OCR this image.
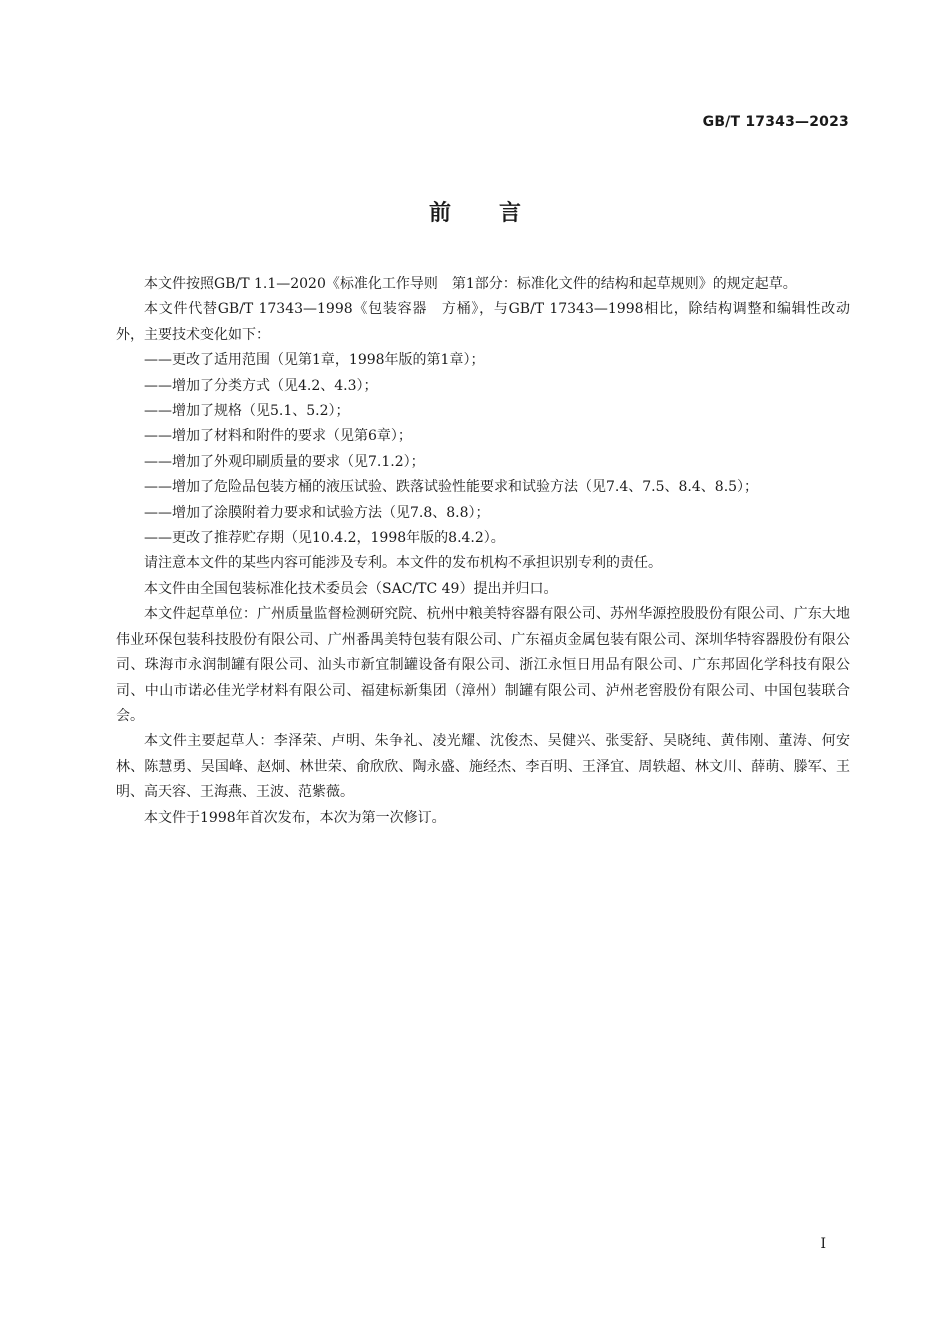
GB/T 17343—2023
前言

本文件按照GB/T 1.1—2020《标准化工作导则　第1部分：标准化文件的结构和起草规则》的规定起草。

本文件代替GB/T 17343—1998《包装容器　方桶》，与GB/T 17343—1998相比，除结构调整和编辑性改动外，主要技术变化如下：

——更改了适用范围（见第1章，1998年版的第1章）；
——增加了分类方式（见4.2、4.3）；
——增加了规格（见5.1、5.2）；
——增加了材料和附件的要求（见第6章）；
——增加了外观印刷质量的要求（见7.1.2）；
——增加了危险品包装方桶的液压试验、跌落试验性能要求和试验方法（见7.4、7.5、8.4、8.5）；
——增加了涂膜附着力要求和试验方法（见7.8、8.8）；
——更改了推荐贮存期（见10.4.2，1998年版的8.4.2）。

请注意本文件的某些内容可能涉及专利。本文件的发布机构不承担识别专利的责任。

本文件由全国包装标准化技术委员会（SAC/TC 49）提出并归口。

本文件起草单位：广州质量监督检测研究院、杭州中粮美特容器有限公司、苏州华源控股股份有限公司、广东大地伟业环保包装科技股份有限公司、广州番禺美特包装有限公司、广东福贞金属包装有限公司、深圳华特容器股份有限公司、珠海市永润制罐有限公司、汕头市新宜制罐设备有限公司、浙江永恒日用品有限公司、广东邦固化学科技有限公司、中山市诺必佳光学材料有限公司、福建标新集团（漳州）制罐有限公司、泸州老窖股份有限公司、中国包装联合会。

本文件主要起草人：李泽荣、卢明、朱争礼、凌光耀、沈俊杰、吴健兴、张雯舒、吴晓纯、黄伟刚、董涛、何安林、陈慧勇、吴国峰、赵炯、林世荣、俞欣欣、陶永盛、施经杰、李百明、王泽宜、周轶超、林文川、薛萌、滕军、王明、高天容、王海燕、王波、范紫薇。

本文件于1998年首次发布，本次为第一次修订。

I
